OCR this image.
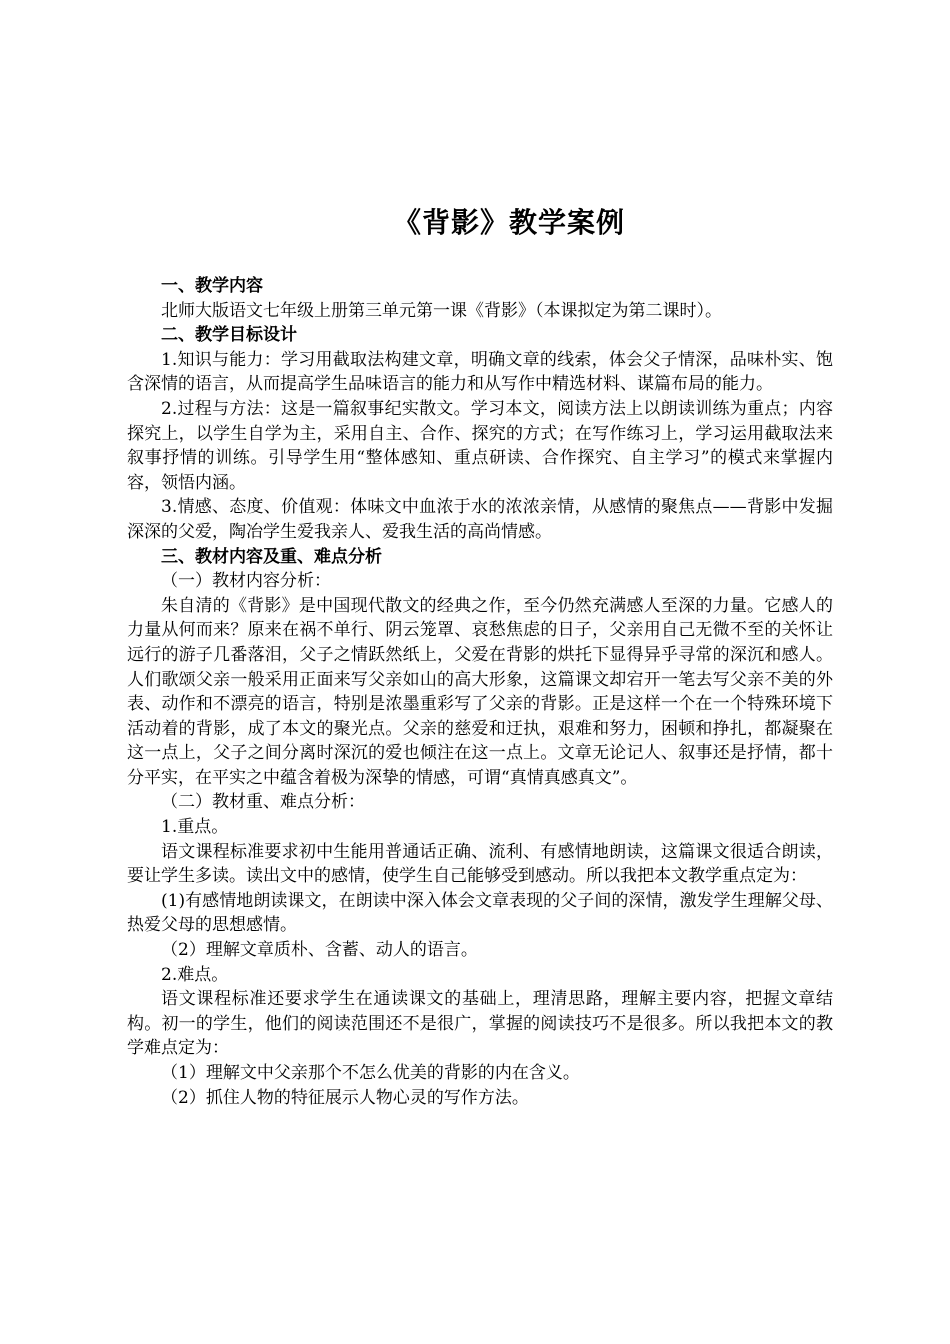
《背影》教学案例

一、教学内容

北师大版语文七年级上册第三单元第一课《背影》（本课拟定为第二课时）。

二、教学目标设计

1.知识与能力：学习用截取法构建文章，明确文章的线索，体会父子情深，品味朴实、饱含深情的语言，从而提高学生品味语言的能力和从写作中精选材料、谋篇布局的能力。

2.过程与方法：这是一篇叙事纪实散文。学习本文，阅读方法上以朗读训练为重点；内容探究上，以学生自学为主，采用自主、合作、探究的方式；在写作练习上，学习运用截取法来叙事抒情的训练。引导学生用“整体感知、重点研读、合作探究、自主学习”的模式来掌握内容，领悟内涵。

3.情感、态度、价值观：体味文中血浓于水的浓浓亲情，从感情的聚焦点——背影中发掘深深的父爱，陶冶学生爱我亲人、爱我生活的高尚情感。

三、教材内容及重、难点分析

（一）教材内容分析：

朱自清的《背影》是中国现代散文的经典之作，至今仍然充满感人至深的力量。它感人的力量从何而来？原来在祸不单行、阴云笼罩、哀愁焦虑的日子，父亲用自己无微不至的关怀让远行的游子几番落泪，父子之情跃然纸上，父爱在背影的烘托下显得异乎寻常的深沉和感人。人们歌颂父亲一般采用正面来写父亲如山的高大形象，这篇课文却宕开一笔去写父亲不美的外表、动作和不漂亮的语言，特别是浓墨重彩写了父亲的背影。正是这样一个在一个特殊环境下活动着的背影，成了本文的聚光点。父亲的慈爱和迂执，艰难和努力，困顿和挣扎，都凝聚在这一点上，父子之间分离时深沉的爱也倾注在这一点上。文章无论记人、叙事还是抒情，都十分平实，在平实之中蕴含着极为深挚的情感，可谓“真情真感真文”。

（二）教材重、难点分析：

1.重点。

语文课程标准要求初中生能用普通话正确、流利、有感情地朗读，这篇课文很适合朗读，要让学生多读。读出文中的感情，使学生自己能够受到感动。所以我把本文教学重点定为：

(1)有感情地朗读课文，在朗读中深入体会文章表现的父子间的深情，激发学生理解父母、热爱父母的思想感情。

（2）理解文章质朴、含蓄、动人的语言。

2.难点。

语文课程标准还要求学生在通读课文的基础上，理清思路，理解主要内容，把握文章结构。初一的学生，他们的阅读范围还不是很广，掌握的阅读技巧不是很多。所以我把本文的教学难点定为：

（1）理解文中父亲那个不怎么优美的背影的内在含义。

（2）抓住人物的特征展示人物心灵的写作方法。
